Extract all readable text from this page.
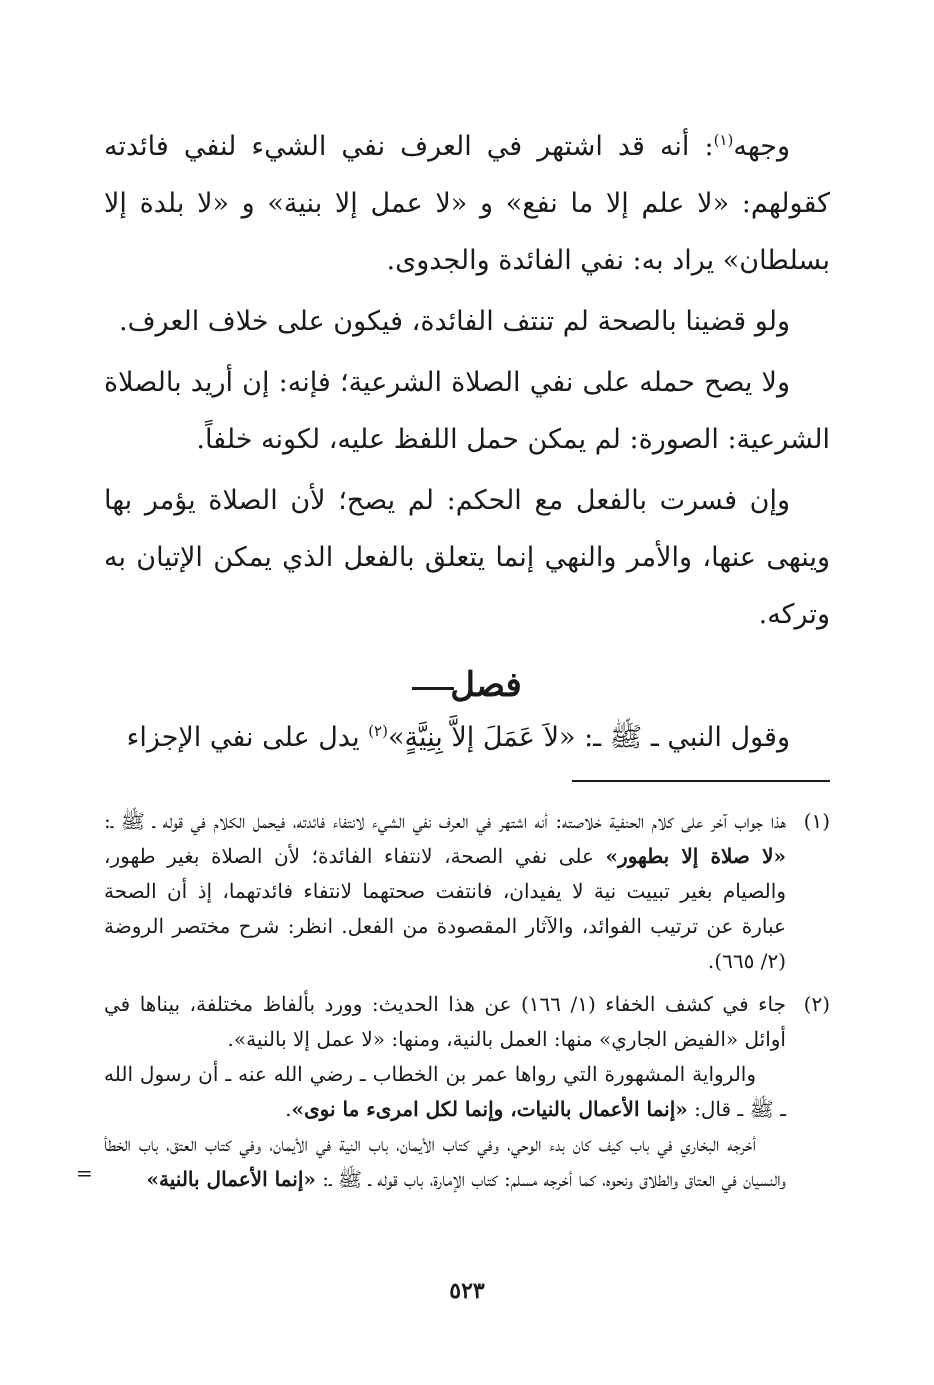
وجهه$^{(١)}$: أنه قد اشتهر في العرف نفي الشيء لنفي فائدته كقولهم: «لا علم إلا ما نفع» و «لا عمل إلا بنية» و «لا بلدة إلا بسلطان» يراد به: نفي الفائدة والجدوى.

ولو قضينا بالصحة لم تنتف الفائدة، فيكون على خلاف العرف.

ولا يصح حمله على نفي الصلاة الشرعية؛ فإنه: إن أريد بالصلاة الشرعية: الصورة: لم يمكن حمل اللفظ عليه، لكونه خلفاً.

وإن فسرت بالفعل مع الحكم: لم يصح؛ لأن الصلاة يؤمر بها وينهى عنها، والأمر والنهي إنما يتعلق بالفعل الذي يمكن الإتيان به وتركه.

فصل

وقول النبي ـ ﷺ ـ: «لاَ عَمَلَ إلاَّ بِنِيَّةٍ»$^{(٢)}$ يدل على نفي الإجزاء

(١)
هذا جواب آخر على كلام الحنفية خلاصته: أنه اشتهر في العرف نفي الشيء لانتفاء فائدته، فيحمل الكلام في قوله ـ ﷺ ـ: «لا صلاة إلا بطهور» على نفي الصحة، لانتفاء الفائدة؛ لأن الصلاة بغير طهور، والصيام بغير تبييت نية لا يفيدان، فانتفت صحتهما لانتفاء فائدتهما، إذ أن الصحة عبارة عن ترتيب الفوائد، والآثار المقصودة من الفعل. انظر: شرح مختصر الروضة (٢/ ٦٦٥).

(٢)
جاء في كشف الخفاء (١/ ١٦٦) عن هذا الحديث: وورد بألفاظ مختلفة، بيناها في أوائل «الفيض الجاري» منها: العمل بالنية، ومنها: «لا عمل إلا بالنية».

والرواية المشهورة التي رواها عمر بن الخطاب ـ رضي الله عنه ـ أن رسول الله ـ ﷺ ـ قال: «إنما الأعمال بالنيات، وإنما لكل امرىء ما نوى».

أخرجه البخاري في باب كيف كان بدء الوحي، وفي كتاب الأيمان، باب النية في الأيمان، وفي كتاب العتق، باب الخطأ والنسيان في العتاق والطلاق ونحوه، كما أخرجه مسلم: كتاب الإمارة، باب قوله ـ ﷺ ـ: «إنما الأعمال بالنية»
=

٥٢٣
